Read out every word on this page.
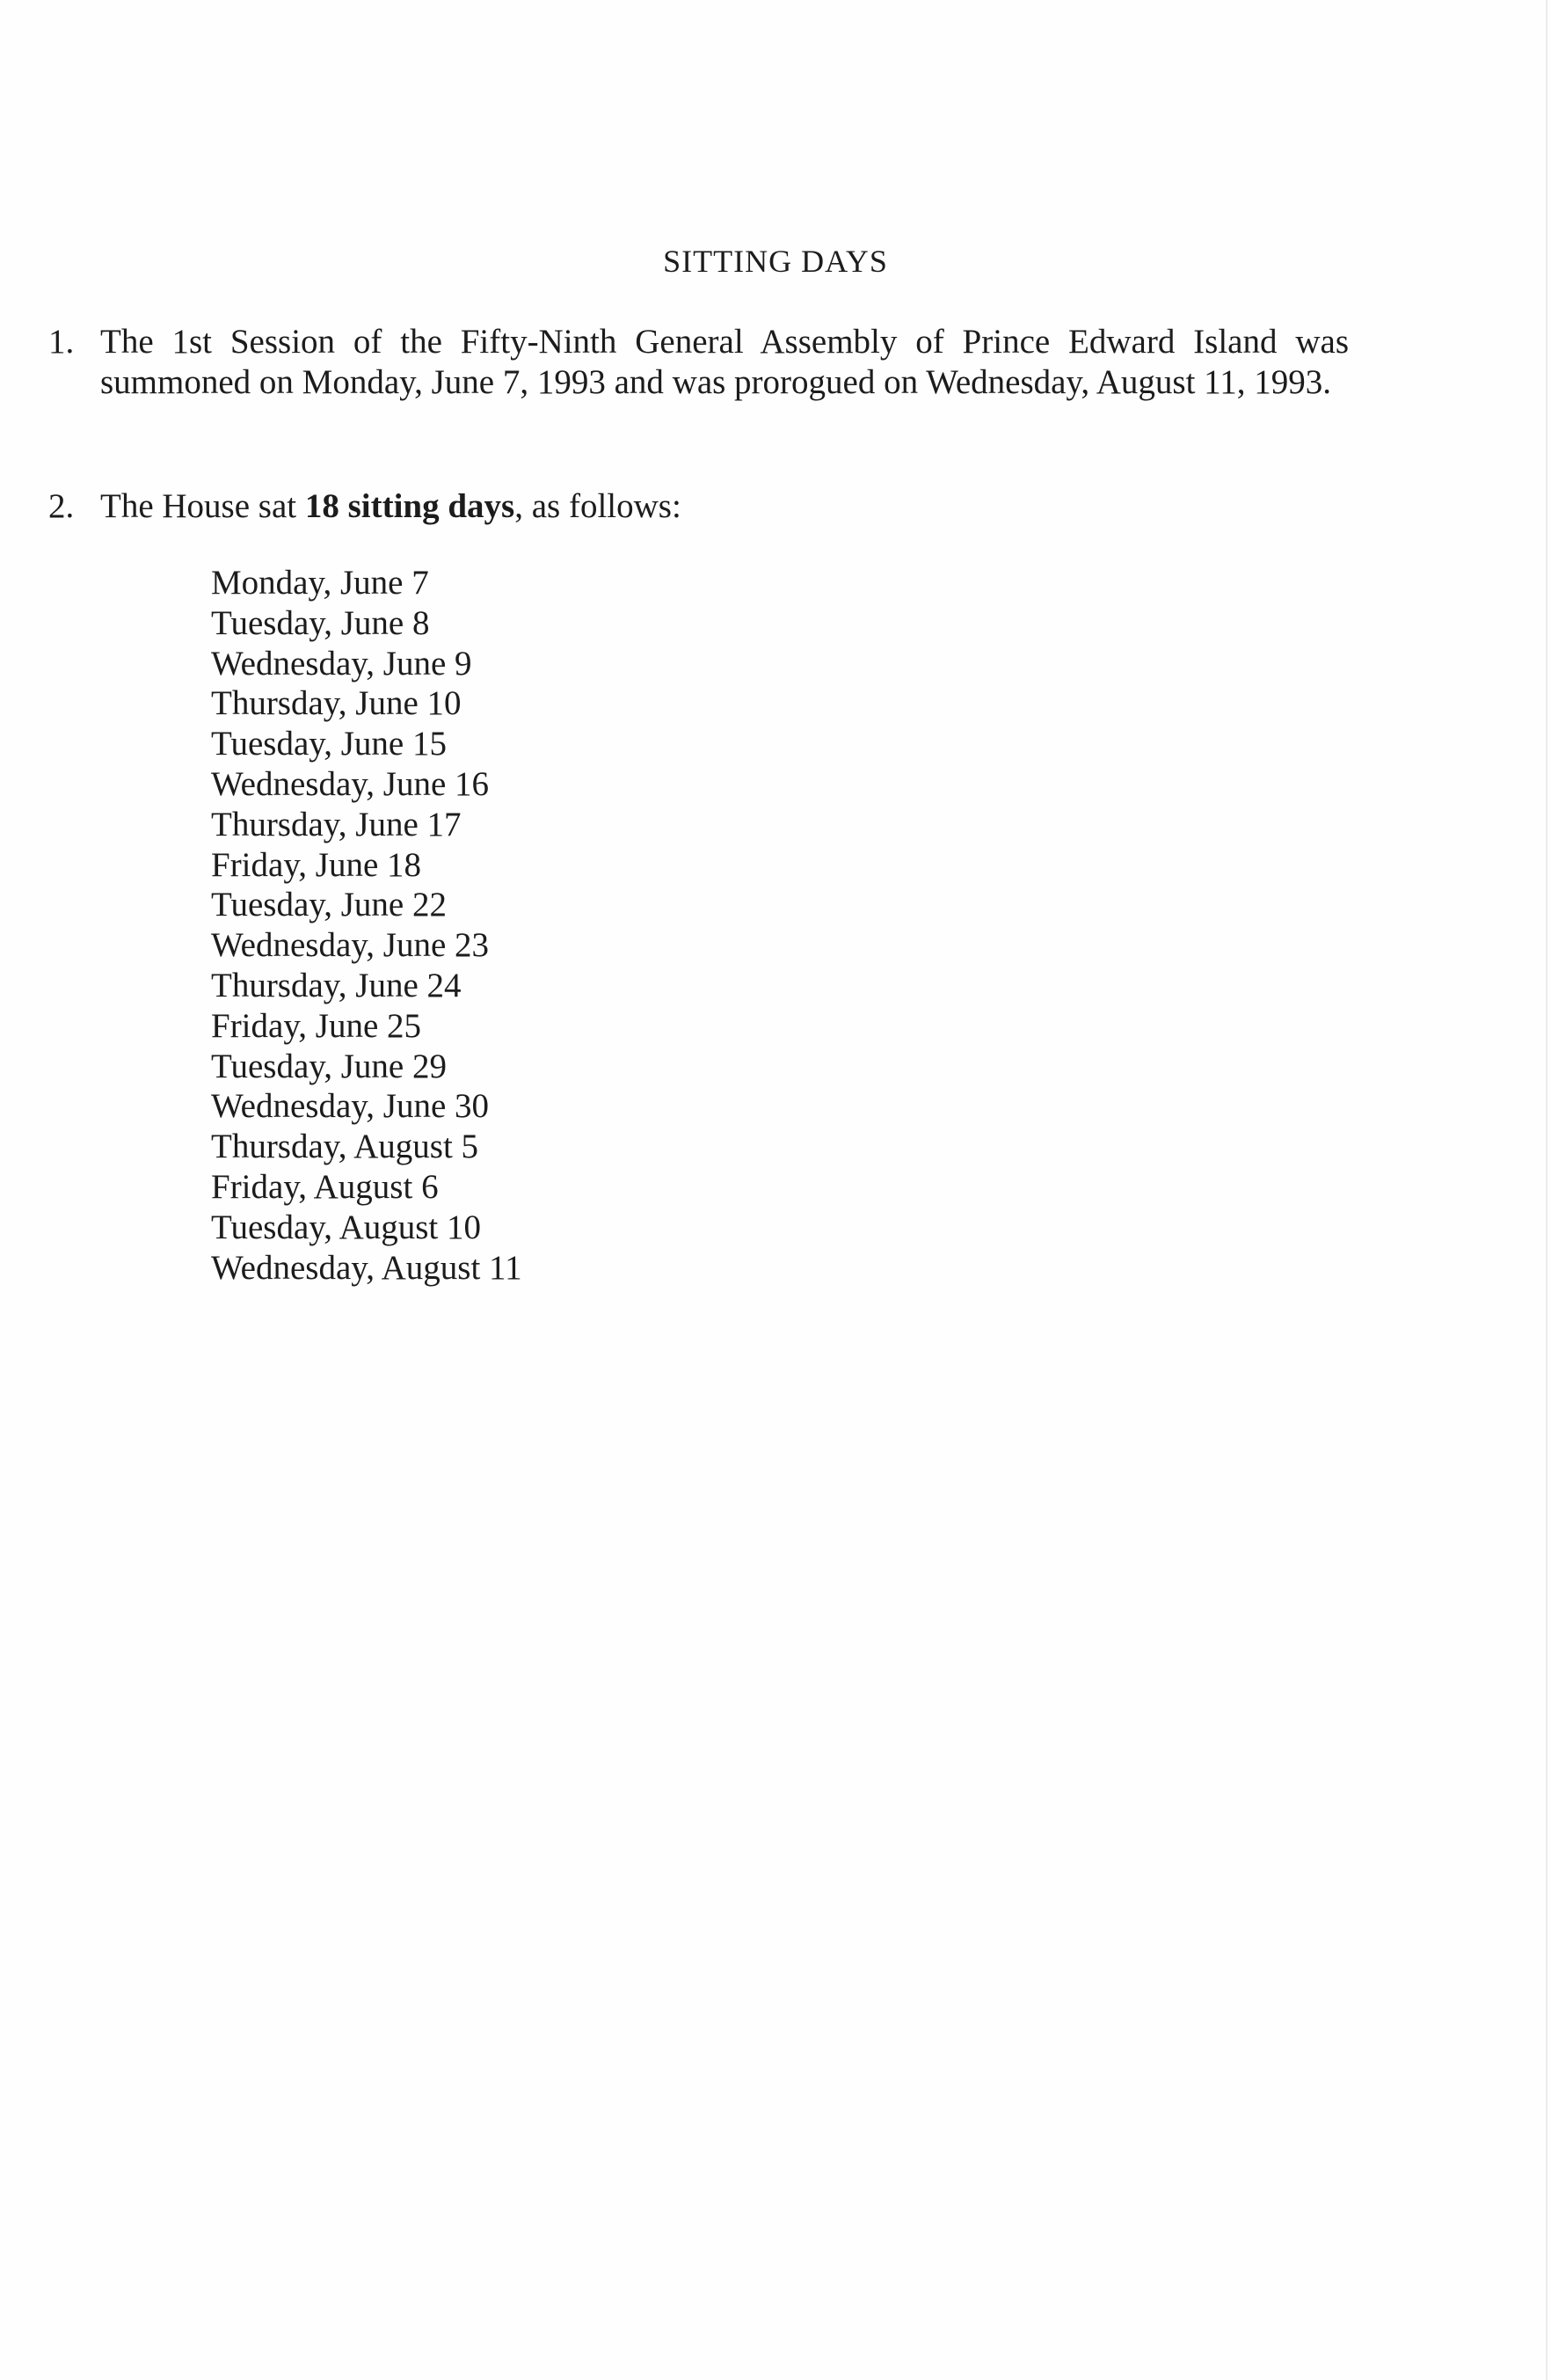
SITTING DAYS
1. The 1st Session of the Fifty-Ninth General Assembly of Prince Edward Island was summoned on Monday, June 7, 1993 and was prorogued on Wednesday, August 11, 1993.
2. The House sat 18 sitting days, as follows:
Monday, June 7
Tuesday, June 8
Wednesday, June 9
Thursday, June 10
Tuesday, June 15
Wednesday, June 16
Thursday, June 17
Friday, June 18
Tuesday, June 22
Wednesday, June 23
Thursday, June 24
Friday, June 25
Tuesday, June 29
Wednesday, June 30
Thursday, August 5
Friday, August 6
Tuesday, August 10
Wednesday, August 11
